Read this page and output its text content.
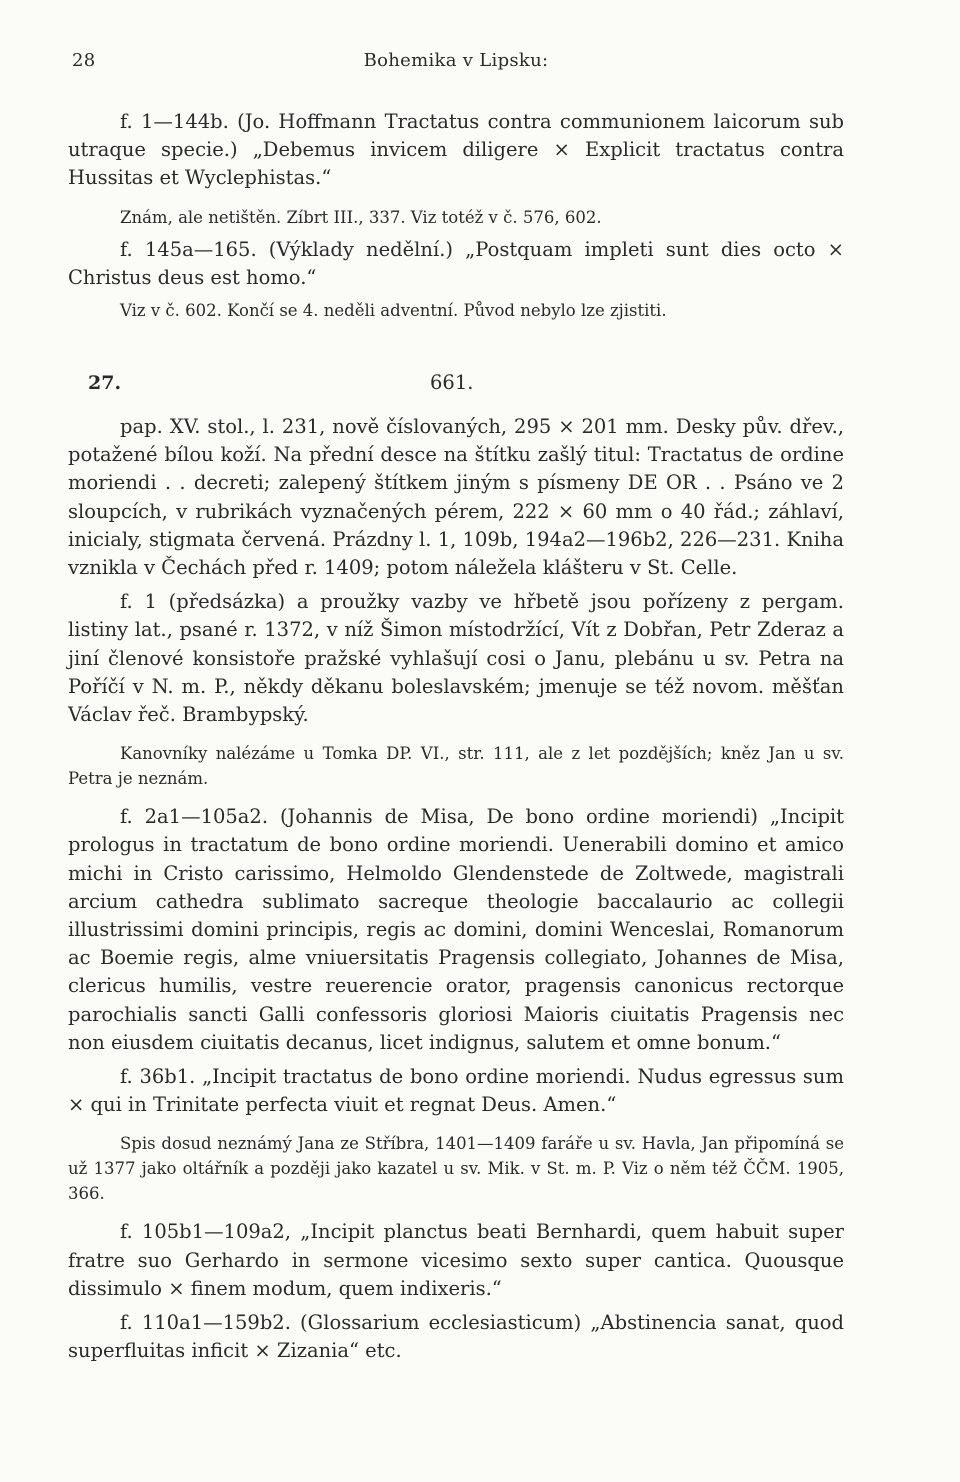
28	Bohemika v Lipsku:

f. 1—144b. (Jo. Hoffmann Tractatus contra communionem laicorum sub utraque specie.) „Debemus invicem diligere × Explicit tractatus contra Hussitas et Wyclephistas.“

Znám, ale netištěn. Zíbrt III., 337. Viz totéž v č. 576, 602.

f. 145a—165. (Výklady nedělní.) „Postquam impleti sunt dies octo × Christus deus est homo.“

Viz v č. 602. Končí se 4. neděli adventní. Původ nebylo lze zjistiti.

27.	661.

pap. XV. stol., l. 231, nově číslovaných, 295 × 201 mm. Desky pův. dřev., potažené bílou koží. Na přední desce na štítku zašlý titul: Tractatus de ordine moriendi . . decreti; zalepený štítkem jiným s písmeny DE OR . . Psáno ve 2 sloupcích, v rubrikách vyznačených pérem, 222 × 60 mm o 40 řád.; záhlaví, inicialy, stigmata červená. Prázdny l. 1, 109b, 194a2—196b2, 226—231. Kniha vznikla v Čechách před r. 1409; potom náležela klášteru v St. Celle.

f. 1 (předsázka) a proužky vazby ve hřbetě jsou pořízeny z pergam. listiny lat., psané r. 1372, v níž Šimon místodržící, Vít z Dobřan, Petr Zderaz a jiní členové konsistoře pražské vyhlašují cosi o Janu, plebánu u sv. Petra na Poříčí v N. m. P., někdy děkanu boleslavském; jmenuje se též novom. měšťan Václav řeč. Brambурský.

Kanovníky nalézáme u Tomka DP. VI., str. 111, ale z let pozdějších; kněz Jan u sv. Petra je neznám.

f. 2a1—105a2. (Johannis de Misa, De bono ordine moriendi) „Incipit prologus in tractatum de bono ordine moriendi. Uenerabili domino et amico michi in Cristo carissimo, Helmoldo Glendenstede de Zoltwede, magistrali arcium cathedra sublimato sacreque theologie baccalaurio ac collegii illustrissimi domini principis, regis ac domini, domini Wenceslai, Romanorum ac Boemie regis, alme vniuersitatis Pragensis collegiato, Johannes de Misa, clericus humilis, vestre reuerencie orator, pragensis canonicus rectorque parochialis sancti Galli confessoris gloriosi Maioris ciuitatis Pragensis nec non eiusdem ciuitatis decanus, licet indignus, salutem et omne bonum.“

f. 36b1. „Incipit tractatus de bono ordine moriendi. Nudus egressus sum × qui in Trinitate perfecta viuit et regnat Deus. Amen.“

Spis dosud neznámý Jana ze Stříbra, 1401—1409 faráře u sv. Havla, Jan připomíná se už 1377 jako oltářník a později jako kazatel u sv. Mik. v St. m. P. Viz o něm též ČČM. 1905, 366.

f. 105b1—109a2, „Incipit planctus beati Bernhardi, quem habuit super fratre suo Gerhardo in sermone vicesimo sexto super cantica. Quousque dissimulo × finem modum, quem indixeris.“

f. 110a1—159b2. (Glossarium ecclesiasticum) „Abstinencia sanat, quod superfluitas inficit × Zizania“ etc.
